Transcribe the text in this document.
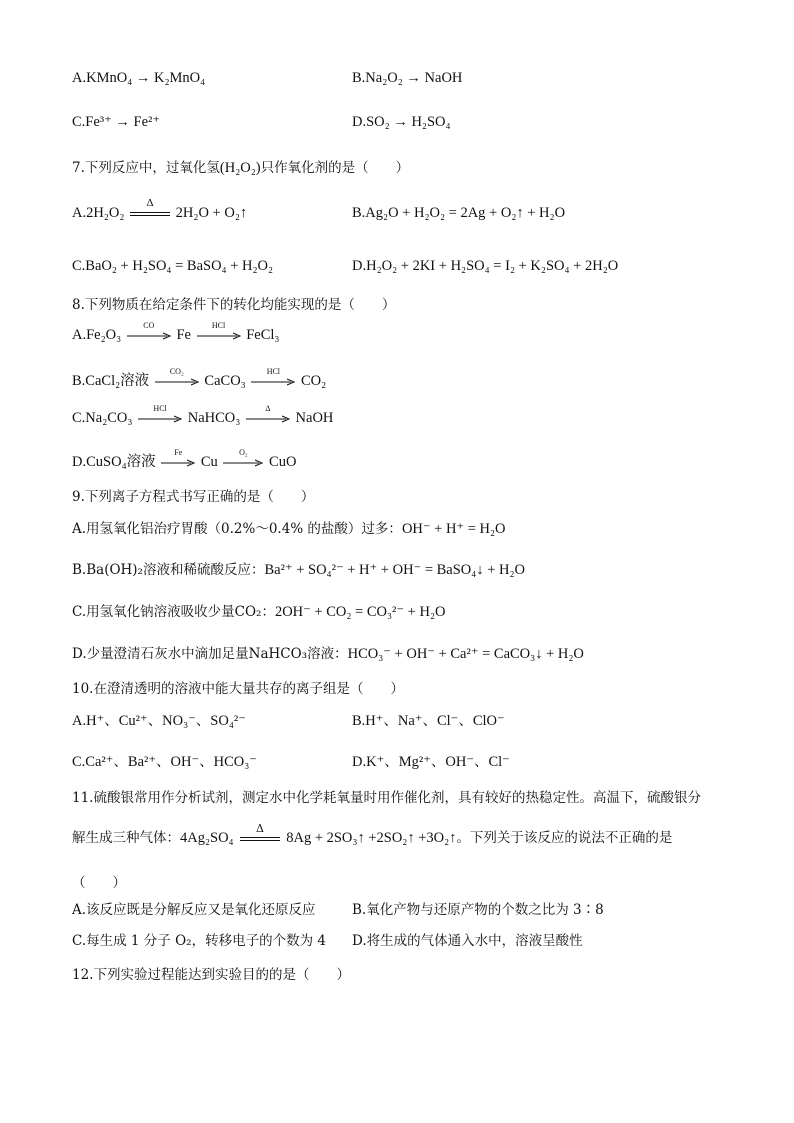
A.KMnO₄ → K₂MnO₄	B.Na₂O₂ → NaOH
C.Fe³⁺ → Fe²⁺	D.SO₂ → H₂SO₄
7.下列反应中，过氧化氢(H₂O₂)只作氧化剂的是（　　）
A.2H₂O₂
Δ
2H₂O + O₂↑	B.Ag₂O + H₂O₂ = 2Ag + O₂↑ + H₂O
C.BaO₂ + H₂SO₄ = BaSO₄ + H₂O₂	D.H₂O₂ + 2KI + H₂SO₄ = I₂ + K₂SO₄ + 2H₂O
8.下列物质在给定条件下的转化均能实现的是（　　）
A.Fe₂O₃
CO
Fe
HCl
FeCl₃
B.CaCl₂溶液
CO₂
CaCO₃
HCl
CO₂
C.Na₂CO₃
HCl
NaHCO₃
Δ
NaOH
D.CuSO₄溶液
Fe
Cu
O₂
CuO
9.下列离子方程式书写正确的是（　　）
A.用氢氧化铝治疗胃酸（0.2%～0.4% 的盐酸）过多：OH⁻ + H⁺ = H₂O
B.Ba(OH)₂溶液和稀硫酸反应：Ba²⁺ + SO₄²⁻ + H⁺ + OH⁻ = BaSO₄↓ + H₂O
C.用氢氧化钠溶液吸收少量CO₂：2OH⁻ + CO₂ = CO₃²⁻ + H₂O
D.少量澄清石灰水中滴加足量NaHCO₃溶液：HCO₃⁻ + OH⁻ + Ca²⁺ = CaCO₃↓ + H₂O
10.在澄清透明的溶液中能大量共存的离子组是（　　）
A.H⁺、Cu²⁺、NO₃⁻、SO₄²⁻	B.H⁺、Na⁺、Cl⁻、ClO⁻
C.Ca²⁺、Ba²⁺、OH⁻、HCO₃⁻	D.K⁺、Mg²⁺、OH⁻、Cl⁻
11.硫酸银常用作分析试剂，测定水中化学耗氧量时用作催化剂，具有较好的热稳定性。高温下，硫酸银分
解生成三种气体：4Ag₂SO₄
Δ
8Ag + 2SO₃↑ +2SO₂↑ +3O₂↑。下列关于该反应的说法不正确的是
（　　）
A.该反应既是分解反应又是氧化还原反应	B.氧化产物与还原产物的个数之比为 3∶8
C.每生成 1 分子 O₂，转移电子的个数为 4 D.将生成的气体通入水中，溶液呈酸性
12.下列实验过程能达到实验目的的是（　　）
